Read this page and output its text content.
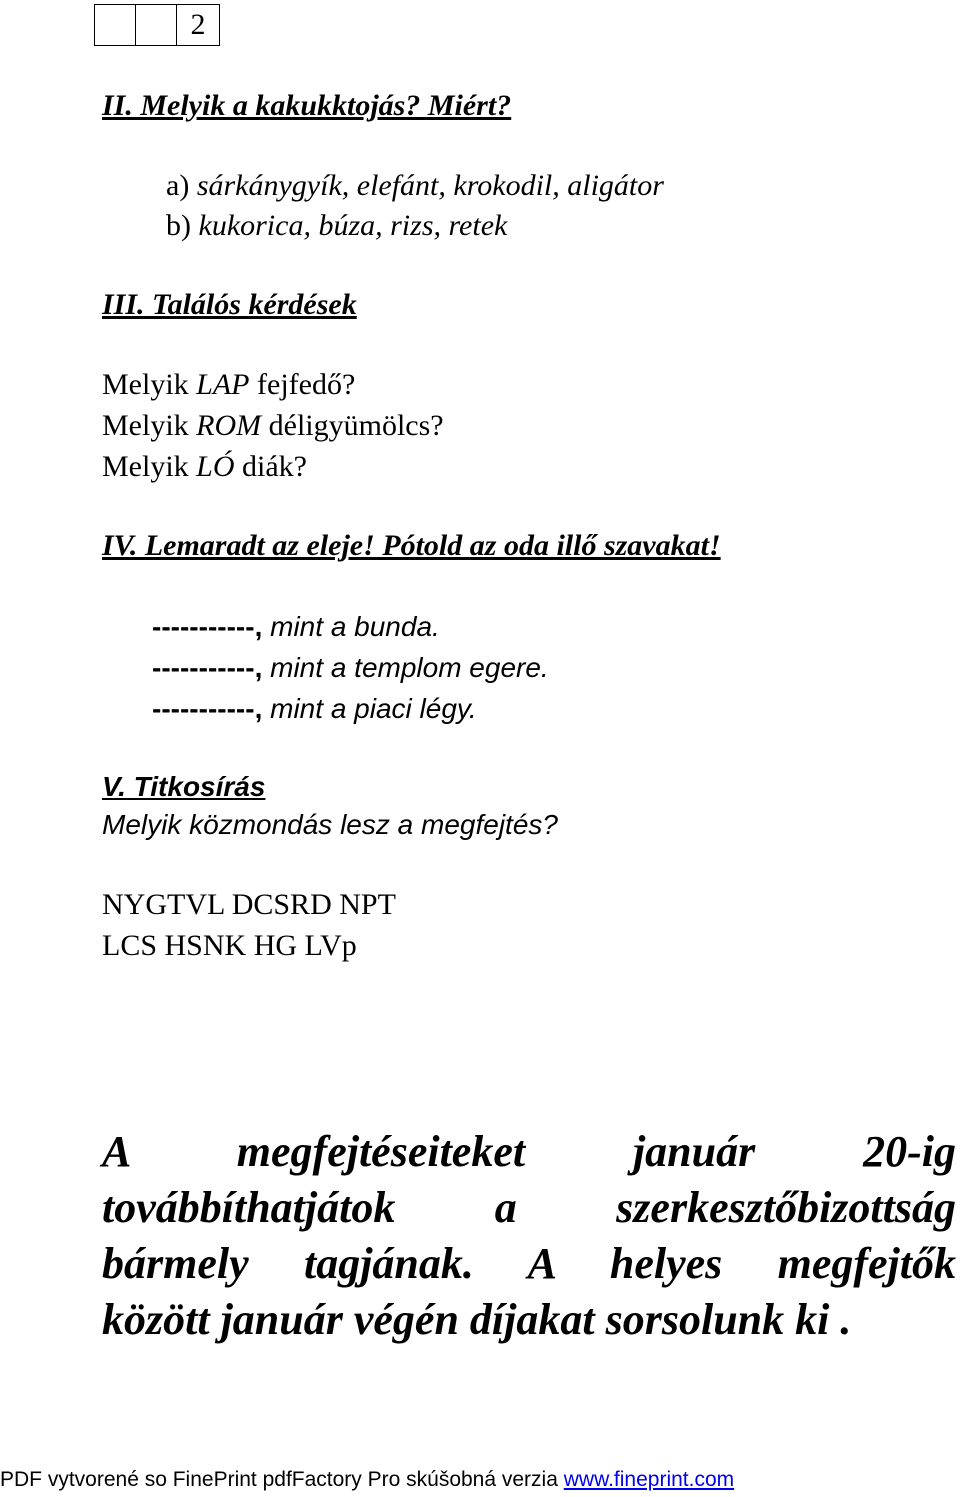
2
II. Melyik a kakukktojás? Miért?
a) sárkánygyík, elefánt, krokodil, aligátor
b) kukorica, búza, rizs, retek
III. Találós kérdések
Melyik LAP fejfedő?
Melyik ROM déligyümölcs?
Melyik LÓ diák?
IV. Lemaradt az eleje! Pótold az oda illő szavakat!
-----------, mint a bunda.
-----------, mint a templom egere.
-----------, mint a piaci légy.
V. Titkosírás
Melyik közmondás lesz a megfejtés?
NYGTVL DCSRD NPT
LCS HSNK HG LVp
A megfejtéseiteket január 20-ig
továbbíthatjátok a szerkesztőbizottság
bármely tagjának. A helyes megfejtők
között január végén díjakat sorsolunk ki .
PDF vytvorené so FinePrint pdfFactory Pro skúšobná verzia www.fineprint.com
